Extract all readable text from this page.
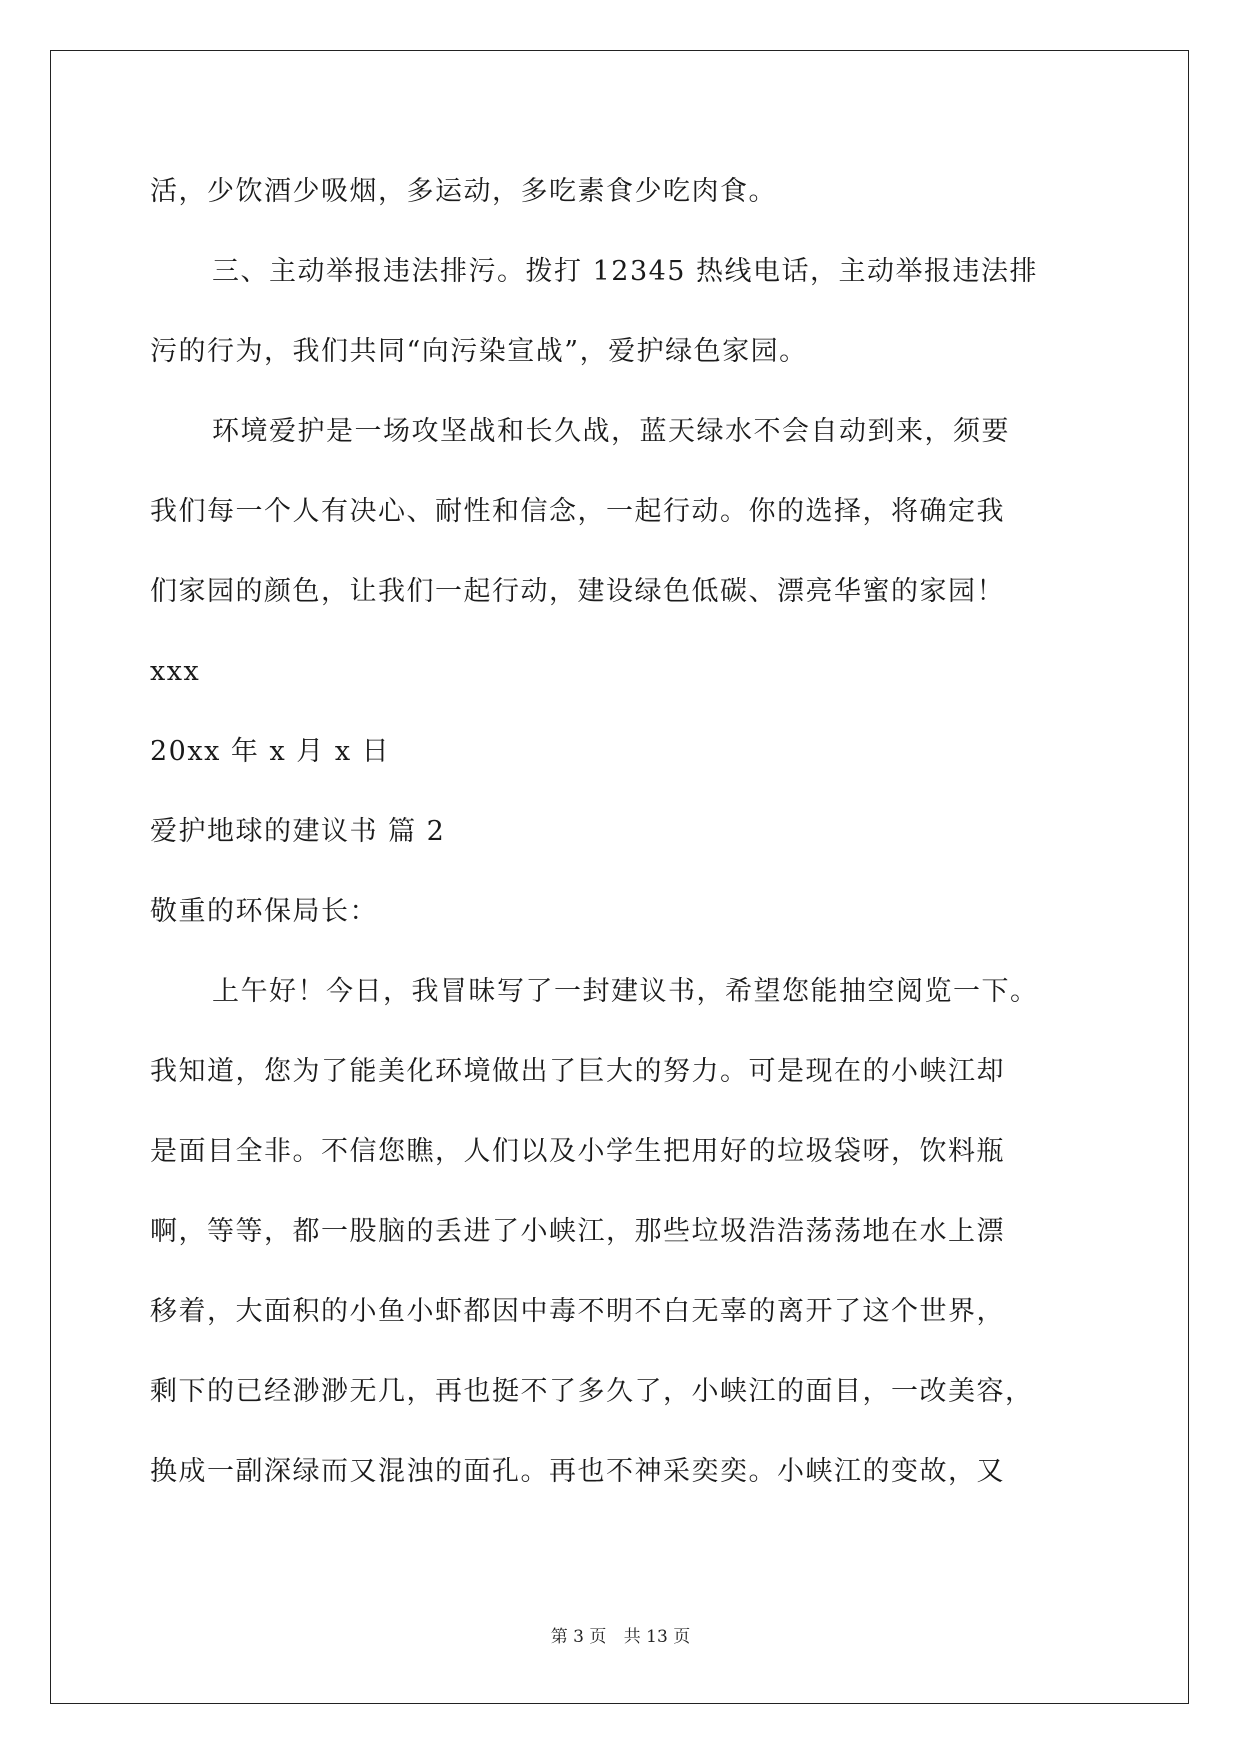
活，少饮酒少吸烟，多运动，多吃素食少吃肉食。
三、主动举报违法排污。拨打 12345 热线电话，主动举报违法排
污的行为，我们共同“向污染宣战”，爱护绿色家园。
环境爱护是一场攻坚战和长久战，蓝天绿水不会自动到来，须要
我们每一个人有决心、耐性和信念，一起行动。你的选择，将确定我
们家园的颜色，让我们一起行动，建设绿色低碳、漂亮华蜜的家园！
xxx
20xx 年 x 月 x 日
爱护地球的建议书 篇 2
敬重的环保局长：
上午好！今日，我冒昧写了一封建议书，希望您能抽空阅览一下。
我知道，您为了能美化环境做出了巨大的努力。可是现在的小峡江却
是面目全非。不信您瞧，人们以及小学生把用好的垃圾袋呀，饮料瓶
啊，等等，都一股脑的丢进了小峡江，那些垃圾浩浩荡荡地在水上漂
移着，大面积的小鱼小虾都因中毒不明不白无辜的离开了这个世界，
剩下的已经渺渺无几，再也挺不了多久了，小峡江的面目，一改美容，
换成一副深绿而又混浊的面孔。再也不神采奕奕。小峡江的变故，又
第 3 页 共 13 页
